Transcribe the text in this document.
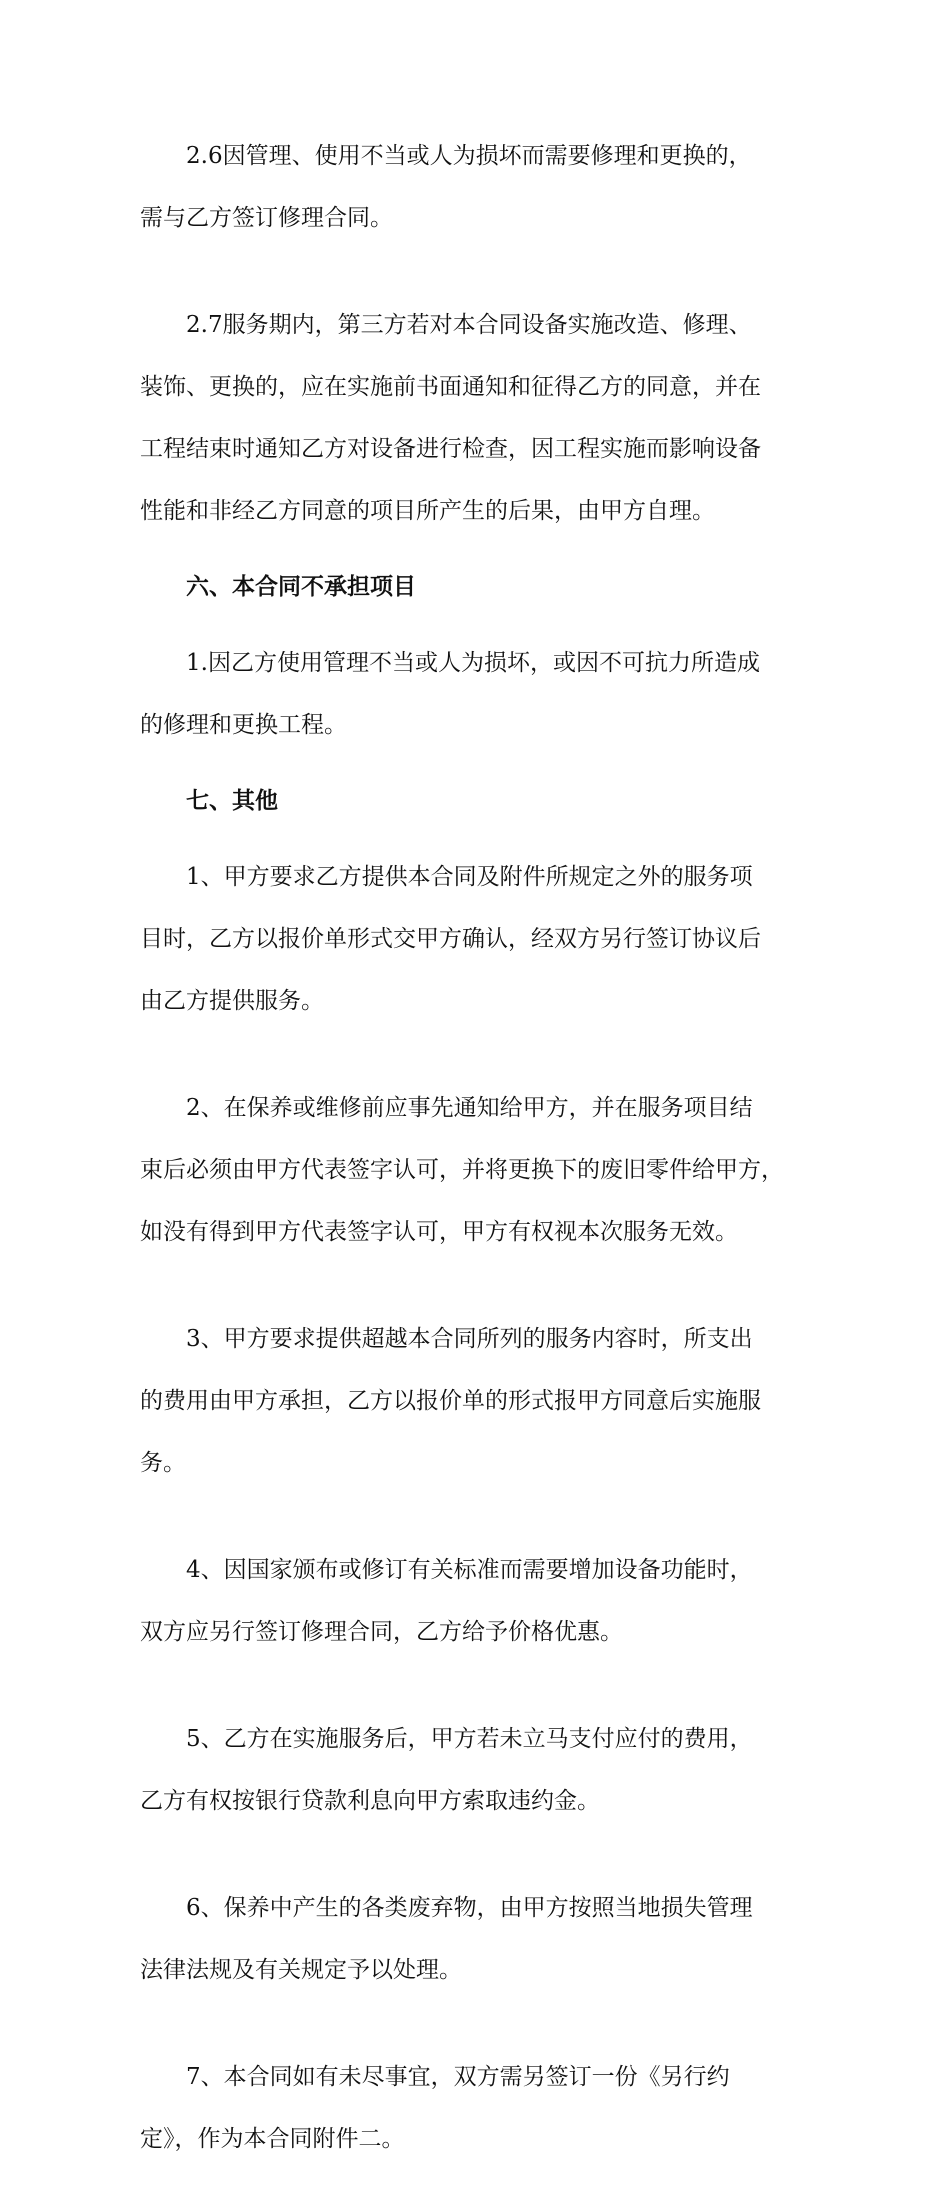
2.6因管理、使用不当或人为损坏而需要修理和更换的，

需与乙方签订修理合同。

2.7服务期内，第三方若对本合同设备实施改造、修理、

装饰、更换的，应在实施前书面通知和征得乙方的同意，并在

工程结束时通知乙方对设备进行检查，因工程实施而影响设备

性能和非经乙方同意的项目所产生的后果，由甲方自理。

六、本合同不承担项目

1.因乙方使用管理不当或人为损坏，或因不可抗力所造成

的修理和更换工程。

七、其他

1、甲方要求乙方提供本合同及附件所规定之外的服务项

目时，乙方以报价单形式交甲方确认，经双方另行签订协议后

由乙方提供服务。

2、在保养或维修前应事先通知给甲方，并在服务项目结

束后必须由甲方代表签字认可，并将更换下的废旧零件给甲方，

如没有得到甲方代表签字认可，甲方有权视本次服务无效。

3、甲方要求提供超越本合同所列的服务内容时，所支出

的费用由甲方承担，乙方以报价单的形式报甲方同意后实施服

务。

4、因国家颁布或修订有关标准而需要增加设备功能时，

双方应另行签订修理合同，乙方给予价格优惠。

5、乙方在实施服务后，甲方若未立马支付应付的费用，

乙方有权按银行贷款利息向甲方索取违约金。

6、保养中产生的各类废弃物，由甲方按照当地损失管理

法律法规及有关规定予以处理。

7、本合同如有未尽事宜，双方需另签订一份《另行约

定》，作为本合同附件二。
